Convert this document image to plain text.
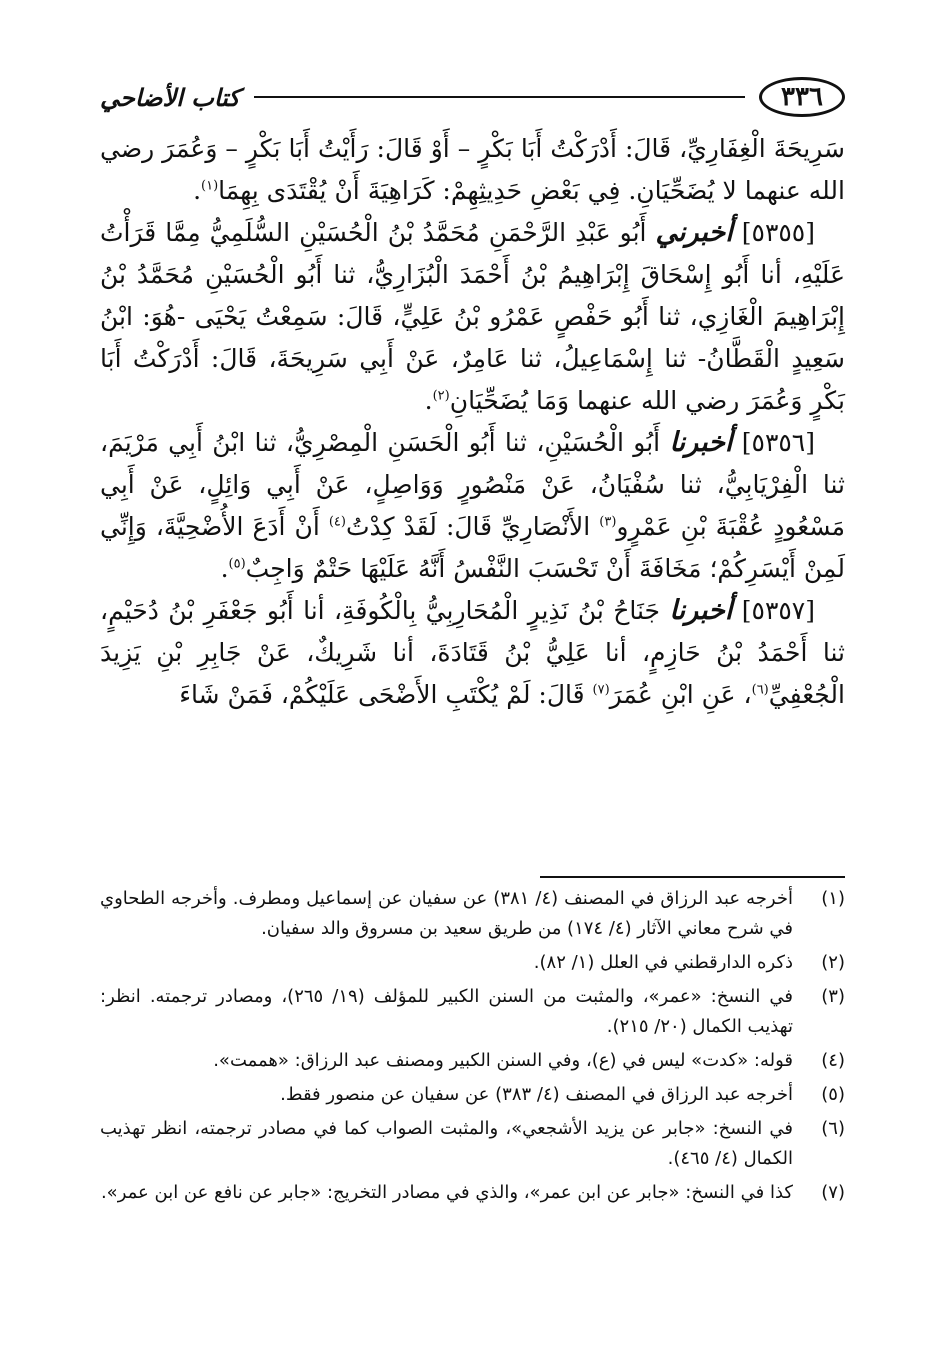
٣٣٦
كتاب الأضاحي

سَرِيحَةَ الْغِفَارِيِّ، قَالَ: أَدْرَكْتُ أَبَا بَكْرٍ – أَوْ قَالَ: رَأَيْتُ أَبَا بَكْرٍ – وَعُمَرَ رضي الله عنهما لا يُضَحِّيَانِ. فِي بَعْضِ حَدِيثِهِمْ: كَرَاهِيَةَ أَنْ يُقْتَدَى بِهِمَا$^{(١)}$.

[٥٣٥٥] أخبرني أَبُو عَبْدِ الرَّحْمَنِ مُحَمَّدُ بْنُ الْحُسَيْنِ السُّلَمِيُّ مِمَّا قَرَأْتُ عَلَيْهِ، أنا أَبُو إِسْحَاقَ إِبْرَاهِيمُ بْنُ أَحْمَدَ الْبُزَارِيُّ، ثنا أَبُو الْحُسَيْنِ مُحَمَّدُ بْنُ إِبْرَاهِيمَ الْغَازِي، ثنا أَبُو حَفْصٍ عَمْرُو بْنُ عَلِيٍّ، قَالَ: سَمِعْتُ يَحْيَى -هُوَ: ابْنُ سَعِيدٍ الْقَطَّانُ- ثنا إِسْمَاعِيلُ، ثنا عَامِرٌ، عَنْ أَبِي سَرِيحَةَ، قَالَ: أَدْرَكْتُ أَبَا بَكْرٍ وَعُمَرَ رضي الله عنهما وَمَا يُضَحِّيَانِ$^{(٢)}$.

[٥٣٥٦] أخبرنا أَبُو الْحُسَيْنِ، ثنا أَبُو الْحَسَنِ الْمِصْرِيُّ، ثنا ابْنُ أَبِي مَرْيَمَ، ثنا الْفِرْيَابِيُّ، ثنا سُفْيَانُ، عَنْ مَنْصُورٍ وَوَاصِلٍ، عَنْ أَبِي وَائِلٍ، عَنْ أَبِي مَسْعُودٍ عُقْبَةَ بْنِ عَمْرٍو$^{(٣)}$ الأَنْصَارِيِّ قَالَ: لَقَدْ كِدْتُ$^{(٤)}$ أَنْ أَدَعَ الأُضْحِيَّةَ، وَإِنِّي لَمِنْ أَيْسَرِكُمْ؛ مَخَافَةَ أَنْ تَحْسَبَ النَّفْسُ أَنَّهُ عَلَيْهَا حَتْمٌ وَاجِبٌ$^{(٥)}$.

[٥٣٥٧] أخبرنا جَنَاحُ بْنُ نَذِيرٍ الْمُحَارِبِيُّ بِالْكُوفَةِ، أنا أَبُو جَعْفَرِ بْنُ دُحَيْمٍ، ثنا أَحْمَدُ بْنُ حَازِمٍ، أنا عَلِيُّ بْنُ قَتَادَةَ، أنا شَرِيكٌ، عَنْ جَابِرِ بْنِ يَزِيدَ الْجُعْفِيِّ$^{(٦)}$، عَنِ ابْنِ عُمَرَ$^{(٧)}$ قَالَ: لَمْ يُكْتَبِ الأَضْحَى عَلَيْكُمْ، فَمَنْ شَاءَ

(١)
أخرجه عبد الرزاق في المصنف (٤/ ٣٨١) عن سفيان عن إسماعيل ومطرف. وأخرجه الطحاوي في شرح معاني الآثار (٤/ ١٧٤) من طريق سعيد بن مسروق والد سفيان.
(٢)
ذكره الدارقطني في العلل (١/ ٨٢).
(٣)
في النسخ: «عمر»، والمثبت من السنن الكبير للمؤلف (١٩/ ٢٦٥)، ومصادر ترجمته. انظر: تهذيب الكمال (٢٠/ ٢١٥).
(٤)
قوله: «كدت» ليس في (ع)، وفي السنن الكبير ومصنف عبد الرزاق: «هممت».
(٥)
أخرجه عبد الرزاق في المصنف (٤/ ٣٨٣) عن سفيان عن منصور فقط.
(٦)
في النسخ: «جابر عن يزيد الأشجعي»، والمثبت الصواب كما في مصادر ترجمته، انظر تهذيب الكمال (٤/ ٤٦٥).
(٧)
كذا في النسخ: «جابر عن ابن عمر»، والذي في مصادر التخريج: «جابر عن نافع عن ابن عمر».
